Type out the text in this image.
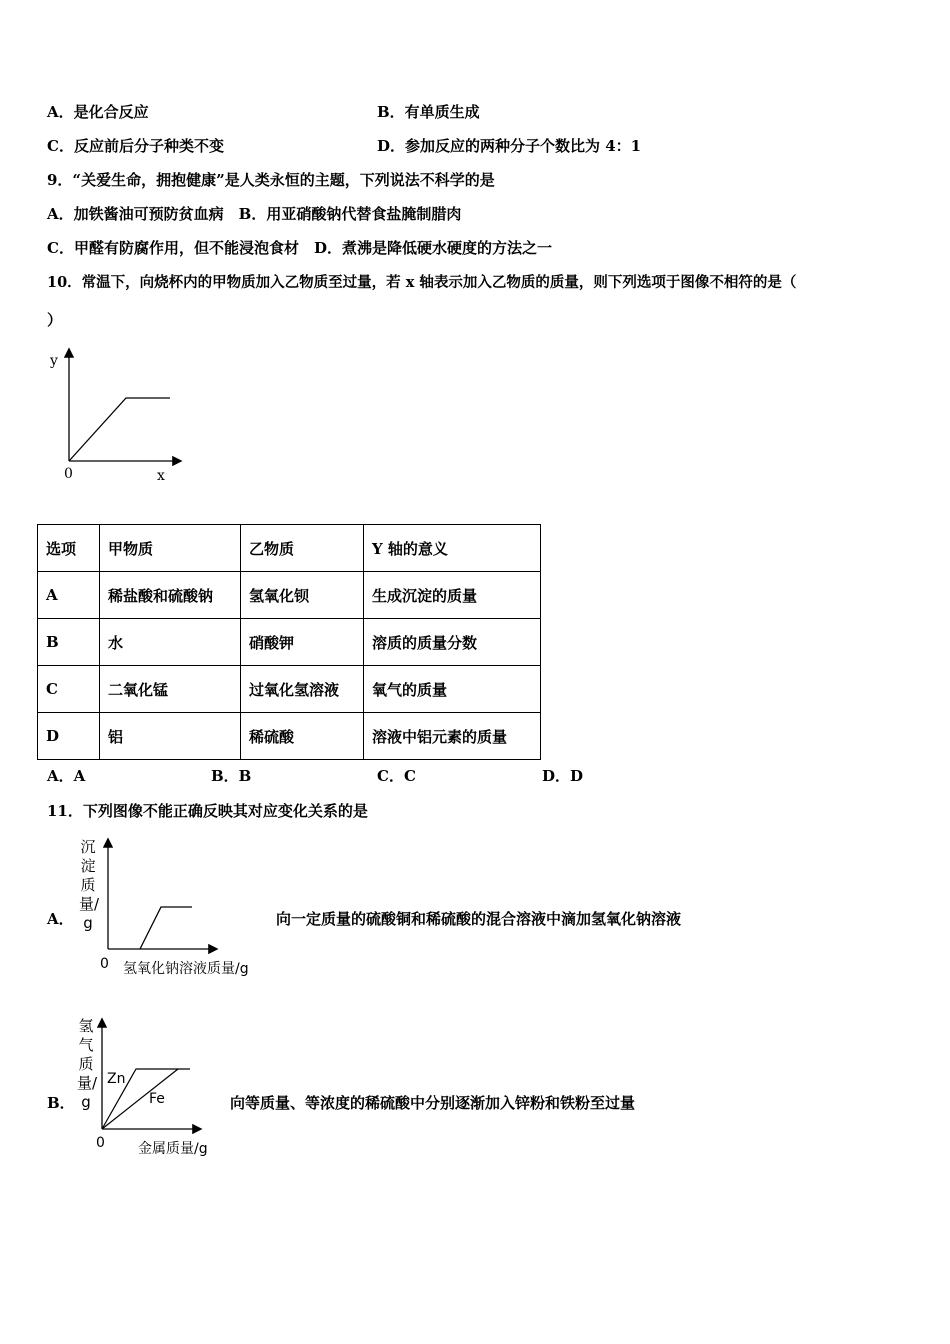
A．是化合反应	B．有单质生成
C．反应前后分子种类不变	D．参加反应的两种分子个数比为 4：1
9．“关爱生命，拥抱健康”是人类永恒的主题，下列说法不科学的是
A．加铁酱油可预防贫血病　B．用亚硝酸钠代替食盐腌制腊肉
C．甲醛有防腐作用，但不能浸泡食材　D．煮沸是降低硬水硬度的方法之一
10．常温下，向烧杯内的甲物质加入乙物质至过量，若 x 轴表示加入乙物质的质量，则下列选项于图像不相符的是（
）
y
0	x
选项	甲物质	乙物质	Y 轴的意义
A	稀盐酸和硫酸钠	氢氧化钡	生成沉淀的质量
B	水	硝酸钾	溶质的质量分数
C	二氧化锰	过氧化氢溶液	氧气的质量
D	铝	稀硫酸	溶液中铝元素的质量
A．A	B．B	C．C	D．D
11．下列图像不能正确反映其对应变化关系的是
A．
沉淀质量/g
0 氢氧化钠溶液质量/g
向一定质量的硫酸铜和稀硫酸的混合溶液中滴加氢氧化钠溶液
B．
氢气质量/g
0 金属质量/g
Zn
Fe	向等质量、等浓度的稀硫酸中分别逐渐加入锌粉和铁粉至过量
